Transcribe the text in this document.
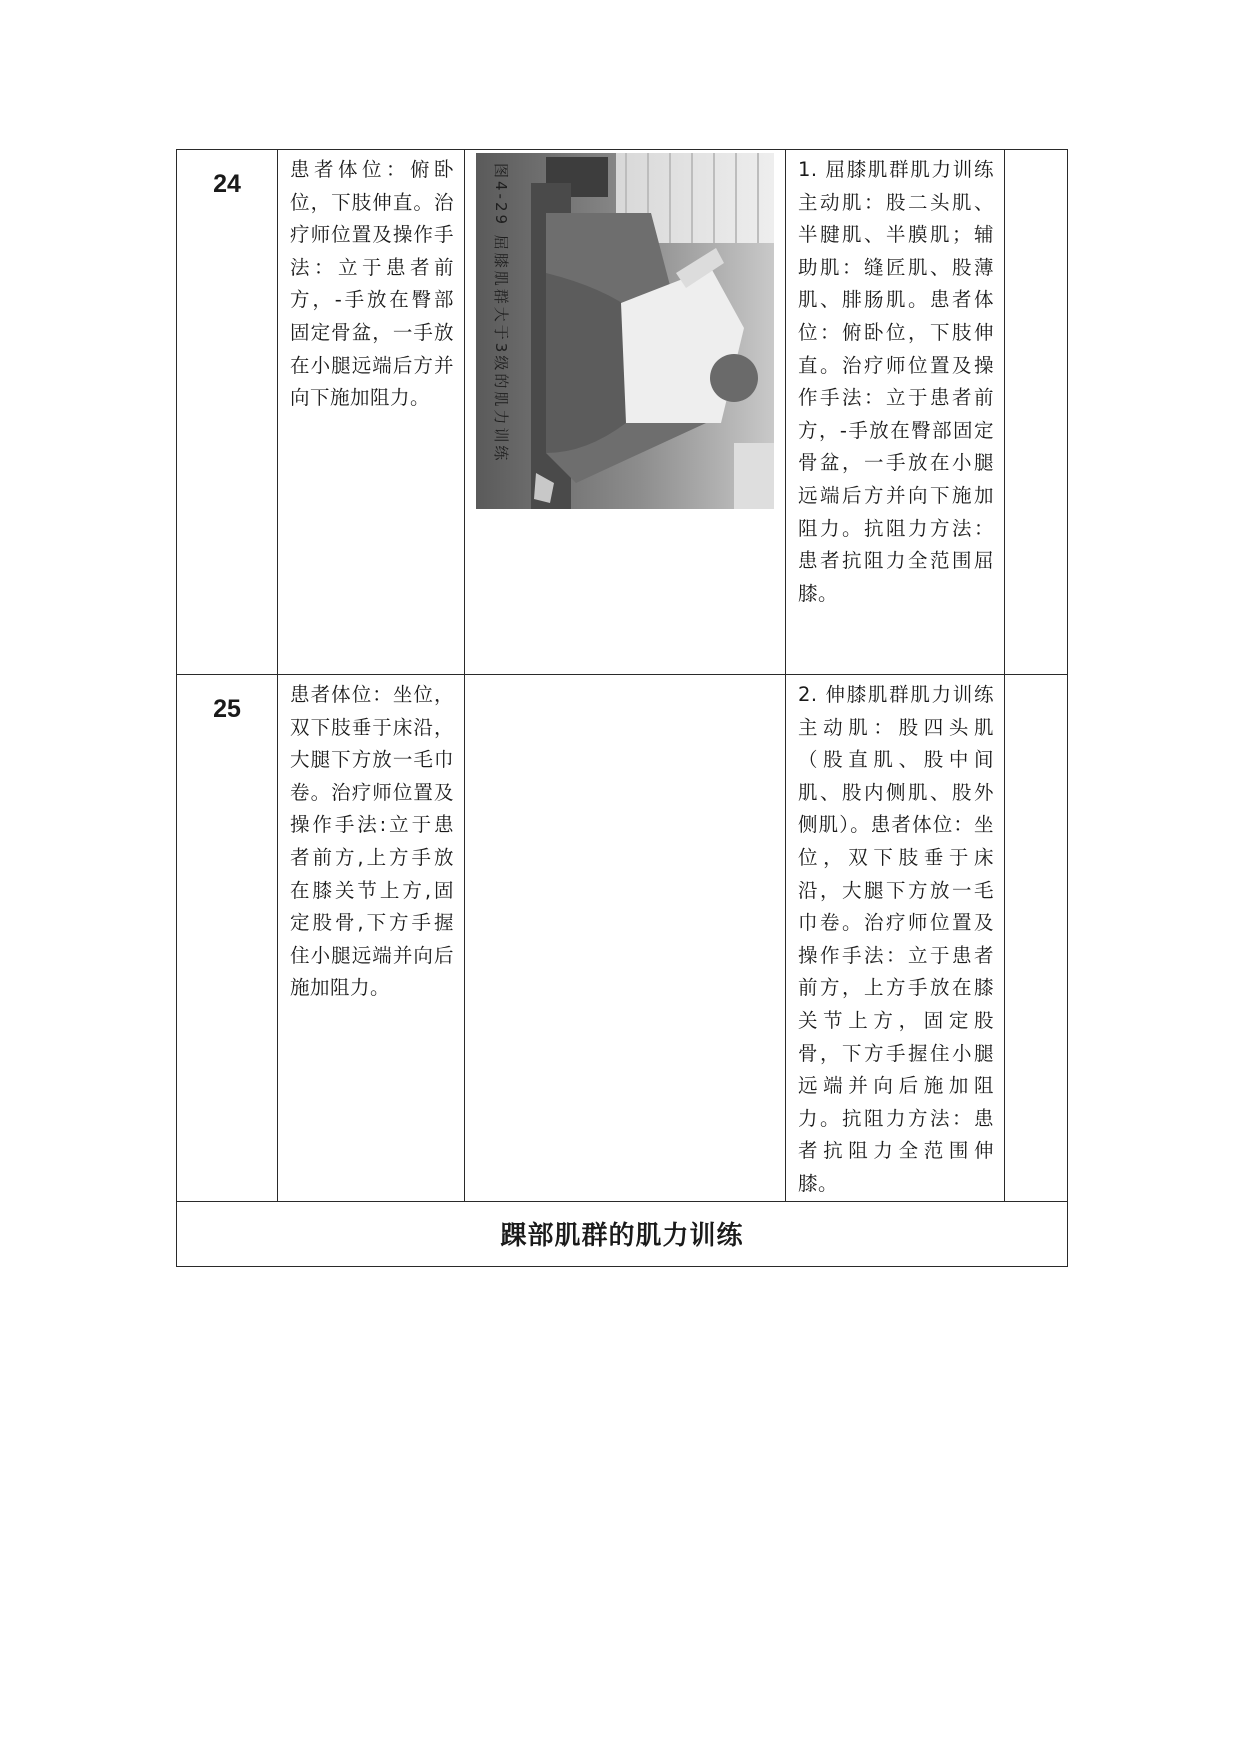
24	患者体位：俯卧位，下肢伸直。治疗师位置及操作手法：立于患者前方，-手放在臀部固定骨盆，一手放在小腿远端后方并向下施加阻力。	图4-29 屈膝肌群大于3级的肌力训练	1. 屈膝肌群肌力训练主动肌：股二头肌、半腱肌、半膜肌；辅助肌：缝匠肌、股薄肌、腓肠肌。患者体位：俯卧位，下肢伸直。治疗师位置及操作手法：立于患者前方，-手放在臀部固定骨盆，一手放在小腿远端后方并向下施加阻力。抗阻力方法：患者抗阻力全范围屈膝。	

25	患者体位：坐位，双下肢垂于床沿，大腿下方放一毛巾卷。治疗师位置及操作手法:立于患者前方,上方手放在膝关节上方,固定股骨,下方手握住小腿远端并向后施加阻力。		2. 伸膝肌群肌力训练主动肌：股四头肌（股直肌、股中间肌、股内侧肌、股外侧肌）。患者体位：坐位，双下肢垂于床沿，大腿下方放一毛巾卷。治疗师位置及操作手法：立于患者前方，上方手放在膝关节上方，固定股骨，下方手握住小腿远端并向后施加阻力。抗阻力方法：患者抗阻力全范围伸膝。	

踝部肌群的肌力训练				
